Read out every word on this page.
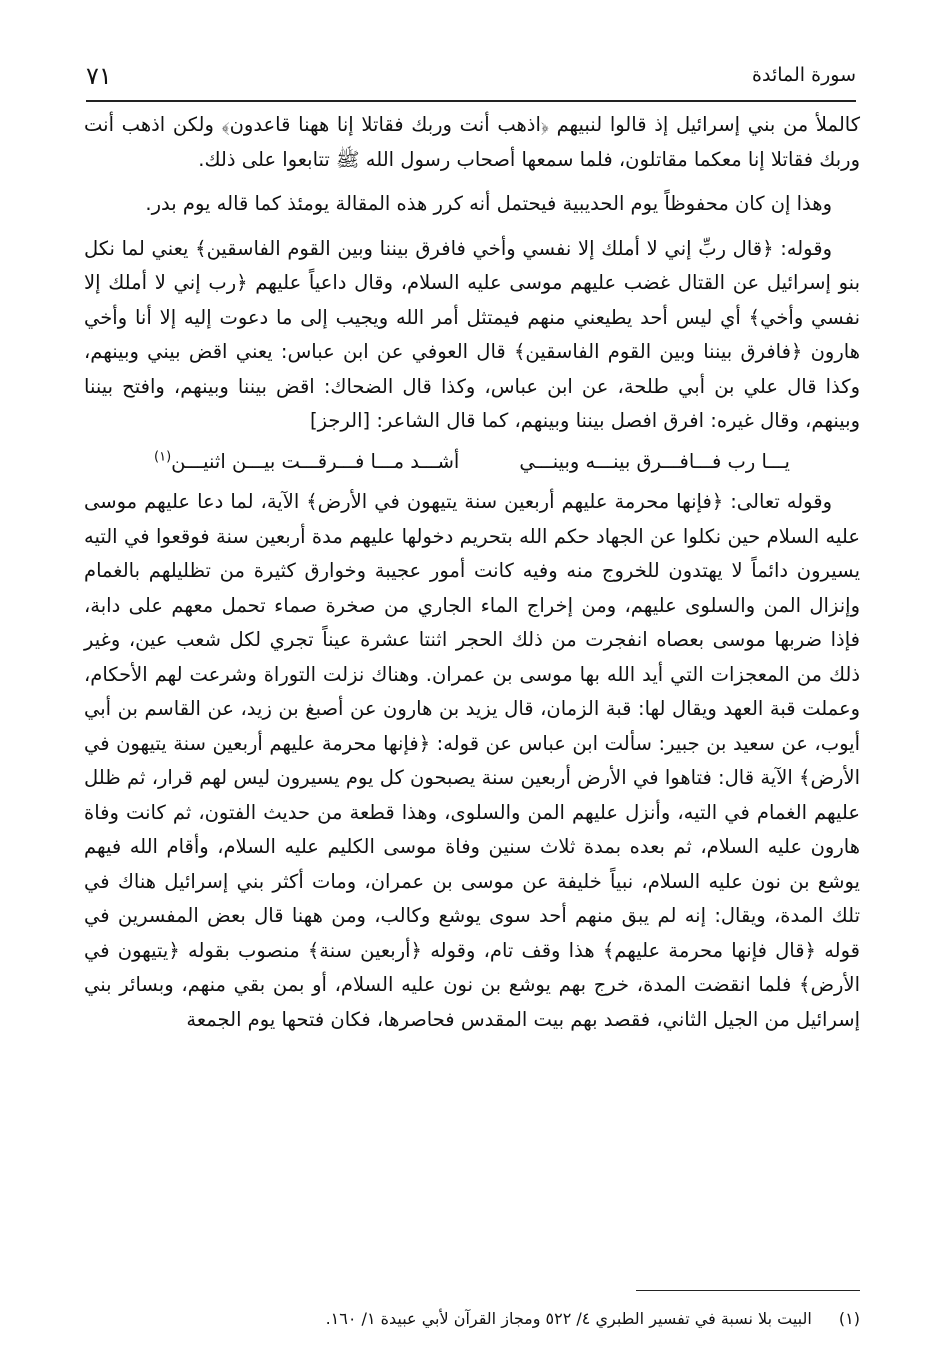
سورة المائدة
٧١

كالملأ من بني إسرائيل إذ قالوا لنبيهم ﴿اذهب أنت وربك فقاتلا إنا ههنا قاعدون﴾ ولكن اذهب أنت وربك فقاتلا إنا معكما مقاتلون، فلما سمعها أصحاب رسول الله ﷺ تتابعوا على ذلك.

وهذا إن كان محفوظاً يوم الحديبية فيحتمل أنه كرر هذه المقالة يومئذ كما قاله يوم بدر.

وقوله: ﴿قال ربِّ إني لا أملك إلا نفسي وأخي فافرق بيننا وبين القوم الفاسقين﴾ يعني لما نكل بنو إسرائيل عن القتال غضب عليهم موسى عليه السلام، وقال داعياً عليهم ﴿رب إني لا أملك إلا نفسي وأخي﴾ أي ليس أحد يطيعني منهم فيمتثل أمر الله ويجيب إلى ما دعوت إليه إلا أنا وأخي هارون ﴿فافرق بيننا وبين القوم الفاسقين﴾ قال العوفي عن ابن عباس: يعني اقض بيني وبينهم، وكذا قال علي بن أبي طلحة، عن ابن عباس، وكذا قال الضحاك: اقض بيننا وبينهم، وافتح بيننا وبينهم، وقال غيره: افرق افصل بيننا وبينهم، كما قال الشاعر: [الرجز]

يـــا رب فـــافـــرق بينـــه وبينـــي
أشـــد مـــا فـــرقـــت بيـــن اثنيـــن$^{(١)}$

وقوله تعالى: ﴿فإنها محرمة عليهم أربعين سنة يتيهون في الأرض﴾ الآية، لما دعا عليهم موسى عليه السلام حين نكلوا عن الجهاد حكم الله بتحريم دخولها عليهم مدة أربعين سنة فوقعوا في التيه يسيرون دائماً لا يهتدون للخروج منه وفيه كانت أمور عجيبة وخوارق كثيرة من تظليلهم بالغمام وإنزال المن والسلوى عليهم، ومن إخراج الماء الجاري من صخرة صماء تحمل معهم على دابة، فإذا ضربها موسى بعصاه انفجرت من ذلك الحجر اثنتا عشرة عيناً تجري لكل شعب عين، وغير ذلك من المعجزات التي أيد الله بها موسى بن عمران. وهناك نزلت التوراة وشرعت لهم الأحكام، وعملت قبة العهد ويقال لها: قبة الزمان، قال يزيد بن هارون عن أصبغ بن زيد، عن القاسم بن أبي أيوب، عن سعيد بن جبير: سألت ابن عباس عن قوله: ﴿فإنها محرمة عليهم أربعين سنة يتيهون في الأرض﴾ الآية قال: فتاهوا في الأرض أربعين سنة يصبحون كل يوم يسيرون ليس لهم قرار، ثم ظلل عليهم الغمام في التيه، وأنزل عليهم المن والسلوى، وهذا قطعة من حديث الفتون، ثم كانت وفاة هارون عليه السلام، ثم بعده بمدة ثلاث سنين وفاة موسى الكليم عليه السلام، وأقام الله فيهم يوشع بن نون عليه السلام، نبياً خليفة عن موسى بن عمران، ومات أكثر بني إسرائيل هناك في تلك المدة، ويقال: إنه لم يبق منهم أحد سوى يوشع وكالب، ومن ههنا قال بعض المفسرين في قوله ﴿قال فإنها محرمة عليهم﴾ هذا وقف تام، وقوله ﴿أربعين سنة﴾ منصوب بقوله ﴿يتيهون في الأرض﴾ فلما انقضت المدة، خرج بهم يوشع بن نون عليه السلام، أو بمن بقي منهم، وبسائر بني إسرائيل من الجيل الثاني، فقصد بهم بيت المقدس فحاصرها، فكان فتحها يوم الجمعة

(١) البيت بلا نسبة في تفسير الطبري ٤/ ٥٢٢ ومجاز القرآن لأبي عبيدة ١/ ١٦٠.
